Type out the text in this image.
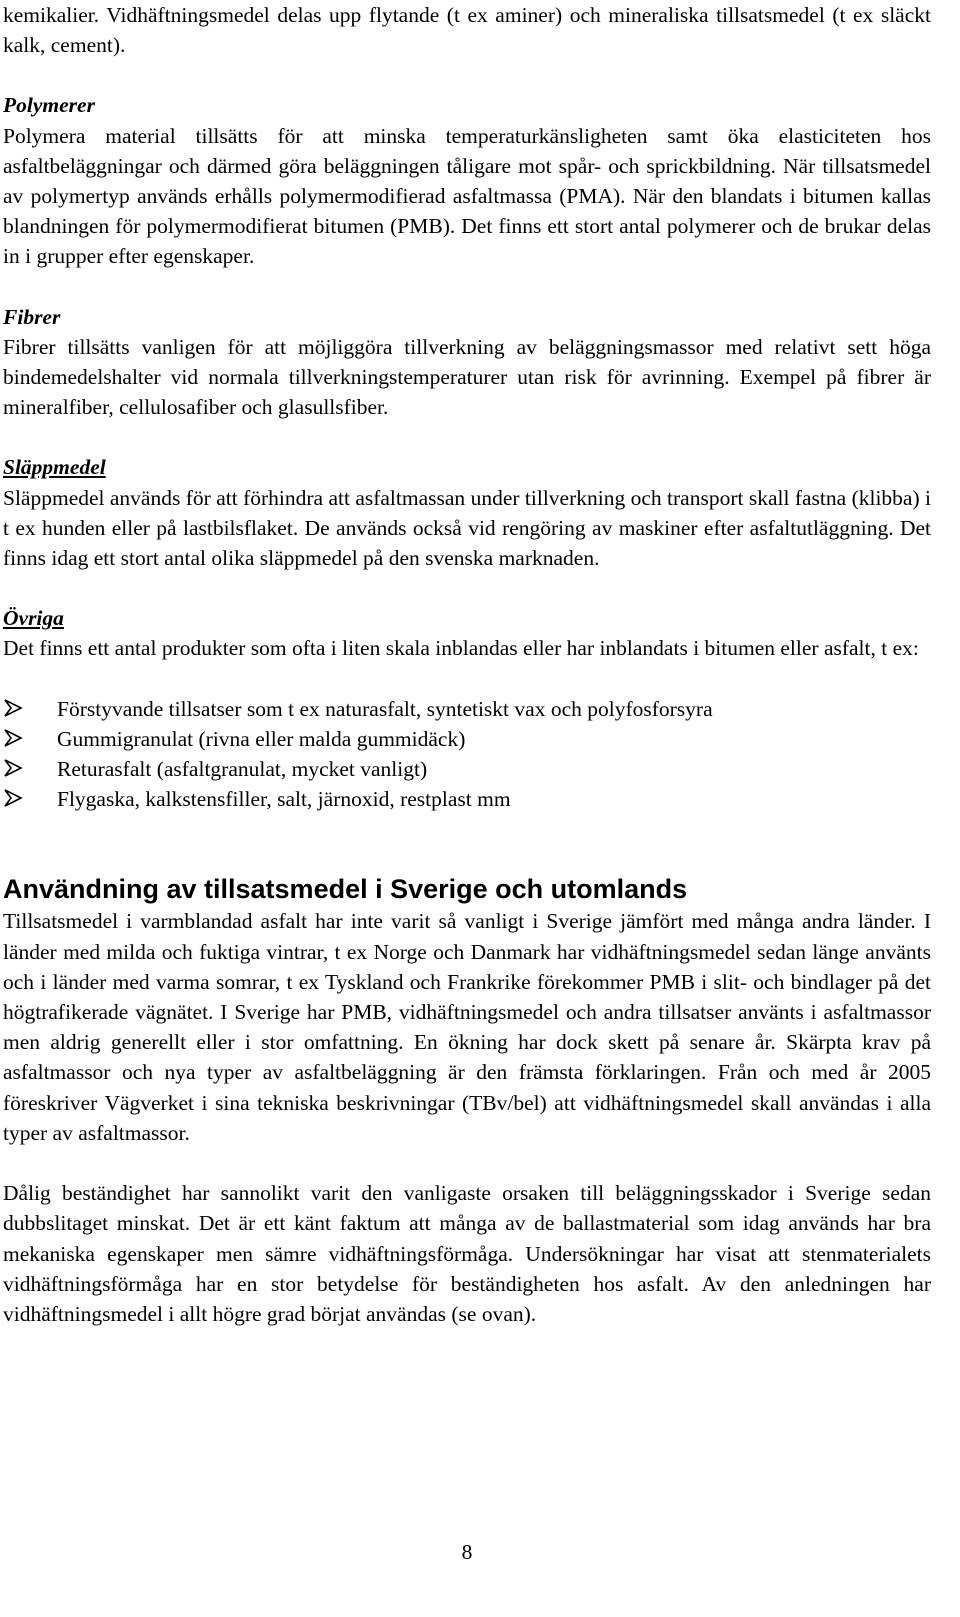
kemikalier. Vidhäftningsmedel delas upp flytande (t ex aminer) och mineraliska tillsatsmedel (t ex släckt kalk, cement).

Polymerer

Polymera material tillsätts för att minska temperaturkänsligheten samt öka elasticiteten hos asfaltbeläggningar och därmed göra beläggningen tåligare mot spår- och sprickbildning. När tillsatsmedel av polymertyp används erhålls polymermodifierad asfaltmassa (PMA). När den blandats i bitumen kallas blandningen för polymermodifierat bitumen (PMB). Det finns ett stort antal polymerer och de brukar delas in i grupper efter egenskaper.

Fibrer

Fibrer tillsätts vanligen för att möjliggöra tillverkning av beläggningsmassor med relativt sett höga bindemedelshalter vid normala tillverkningstemperaturer utan risk för avrinning. Exempel på fibrer är mineralfiber, cellulosafiber och glasullsfiber.

Släppmedel

Släppmedel används för att förhindra att asfaltmassan under tillverkning och transport skall fastna (klibba) i t ex hunden eller på lastbilsflaket. De används också vid rengöring av maskiner efter asfaltutläggning. Det finns idag ett stort antal olika släppmedel på den svenska marknaden.

Övriga

Det finns ett antal produkter som ofta i liten skala inblandas eller har inblandats i bitumen eller asfalt, t ex:

Förstyvande tillsatser som t ex naturasfalt, syntetiskt vax och polyfosforsyra
Gummigranulat (rivna eller malda gummidäck)
Returasfalt (asfaltgranulat, mycket vanligt)
Flygaska, kalkstensfiller, salt, järnoxid, restplast mm

Användning av tillsatsmedel i Sverige och utomlands

Tillsatsmedel i varmblandad asfalt har inte varit så vanligt i Sverige jämfört med många andra länder. I länder med milda och fuktiga vintrar, t ex Norge och Danmark har vidhäftningsmedel sedan länge använts och i länder med varma somrar, t ex Tyskland och Frankrike förekommer PMB i slit- och bindlager på det högtrafikerade vägnätet. I Sverige har PMB, vidhäftningsmedel och andra tillsatser använts i asfaltmassor men aldrig generellt eller i stor omfattning. En ökning har dock skett på senare år. Skärpta krav på asfaltmassor och nya typer av asfaltbeläggning är den främsta förklaringen. Från och med år 2005 föreskriver Vägverket i sina tekniska beskrivningar (TBv/bel) att vidhäftningsmedel skall användas i alla typer av asfaltmassor.

Dålig beständighet har sannolikt varit den vanligaste orsaken till beläggningsskador i Sverige sedan dubbslitaget minskat. Det är ett känt faktum att många av de ballastmaterial som idag används har bra mekaniska egenskaper men sämre vidhäftningsförmåga. Undersökningar har visat att stenmaterialets vidhäftningsförmåga har en stor betydelse för beständigheten hos asfalt. Av den anledningen har vidhäftningsmedel i allt högre grad börjat användas (se ovan).

8
